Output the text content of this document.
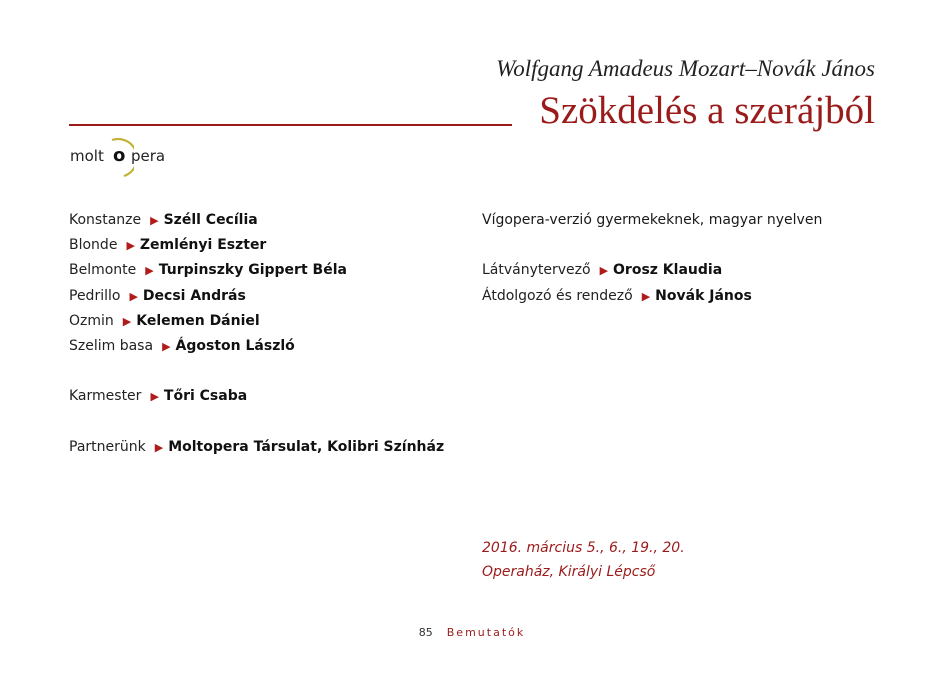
Wolfgang Amadeus Mozart–Novák János
Szökdelés a szerájból
molt o pera
Konstanze ▶ Széll Cecília
Blonde ▶ Zemlényi Eszter
Belmonte ▶ Turpinszky Gippert Béla
Pedrillo ▶ Decsi András
Ozmin ▶ Kelemen Dániel
Szelim basa ▶ Ágoston László
Karmester ▶ Tőri Csaba
Partnerünk ▶ Moltopera Társulat, Kolibri Színház
Vígopera-verzió gyermekeknek, magyar nyelven
Látványtervező ▶ Orosz Klaudia
Átdolgozó és rendező ▶ Novák János
2016. március 5., 6., 19., 20.
Operaház, Királyi Lépcső
85 Bemutatók
